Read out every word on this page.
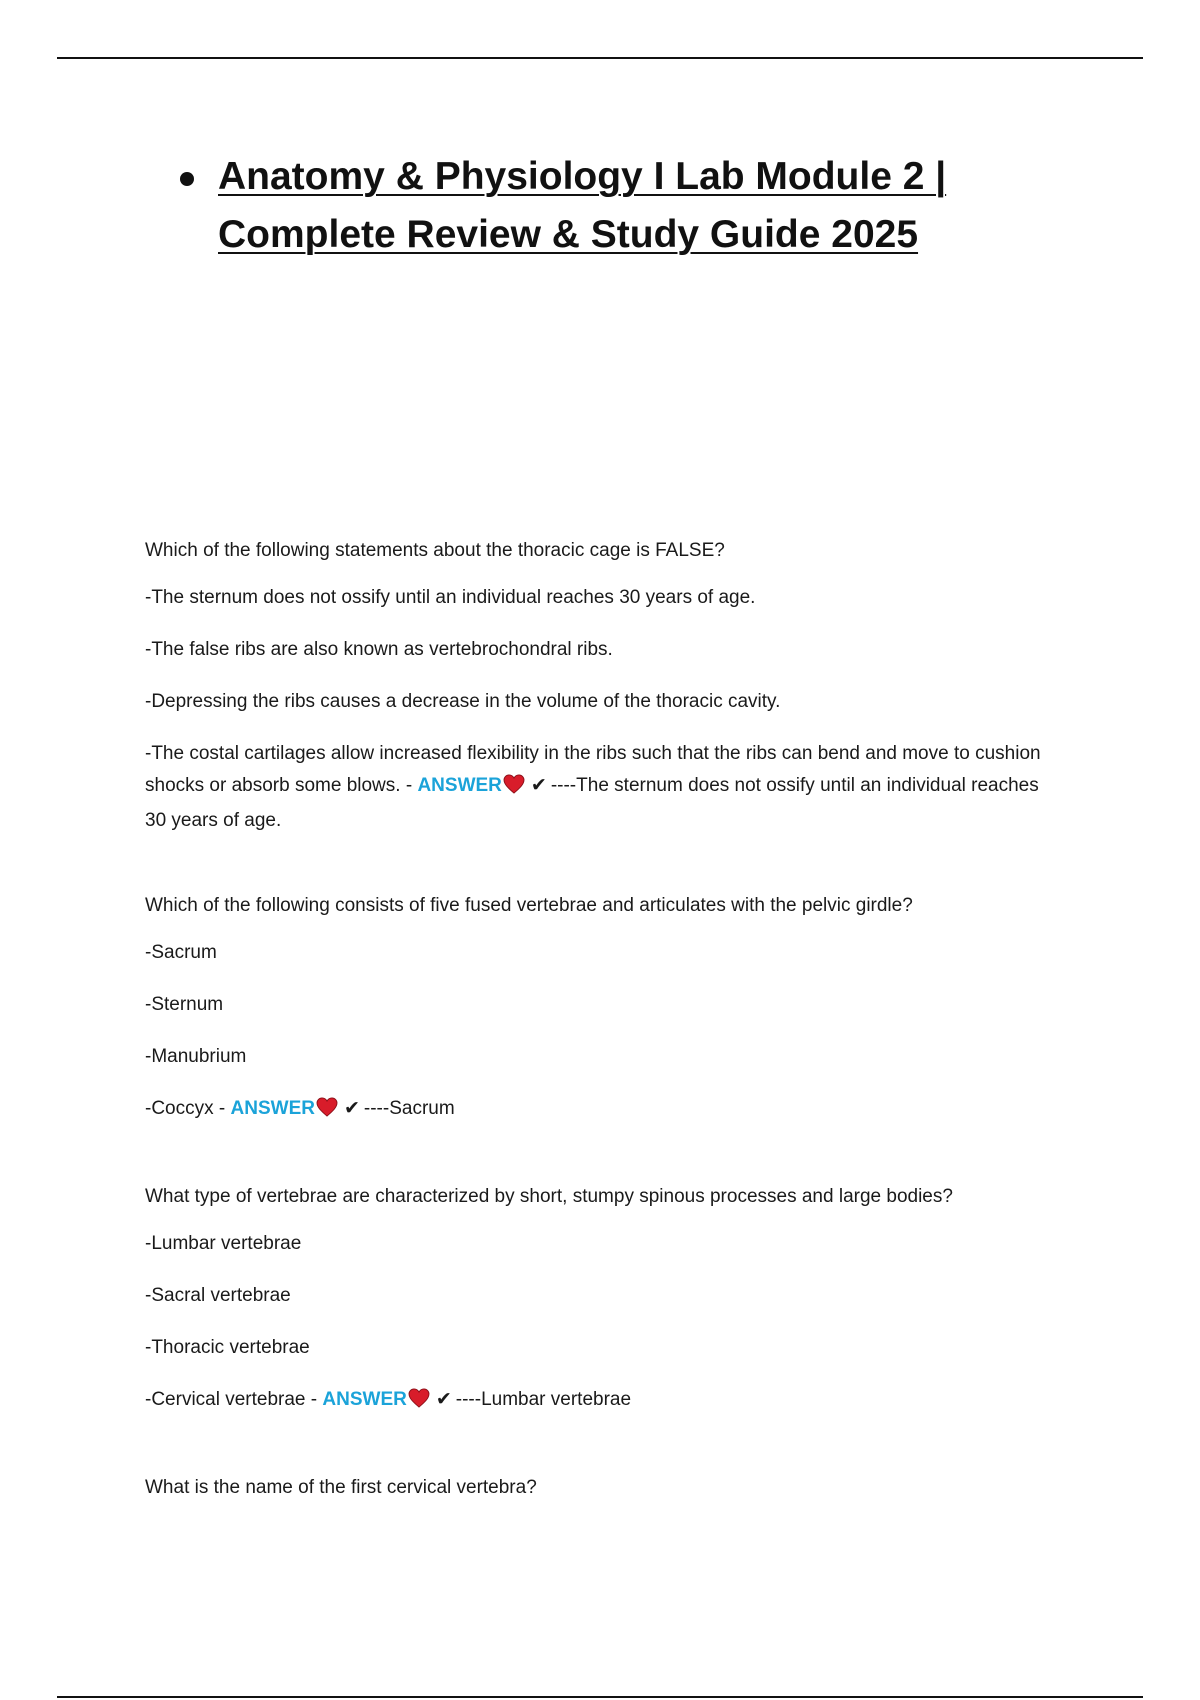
Anatomy & Physiology I Lab Module 2 |
Complete Review & Study Guide 2025
Which of the following statements about the thoracic cage is FALSE?
-The sternum does not ossify until an individual reaches 30 years of age.
-The false ribs are also known as vertebrochondral ribs.
-Depressing the ribs causes a decrease in the volume of the thoracic cavity.
-The costal cartilages allow increased flexibility in the ribs such that the ribs can bend and move to cushion shocks or absorb some blows. - ANSWER ✔ ----The sternum does not ossify until an individual reaches 30 years of age.
Which of the following consists of five fused vertebrae and articulates with the pelvic girdle?
-Sacrum
-Sternum
-Manubrium
-Coccyx - ANSWER ✔ ----Sacrum
What type of vertebrae are characterized by short, stumpy spinous processes and large bodies?
-Lumbar vertebrae
-Sacral vertebrae
-Thoracic vertebrae
-Cervical vertebrae - ANSWER ✔ ----Lumbar vertebrae
What is the name of the first cervical vertebra?
